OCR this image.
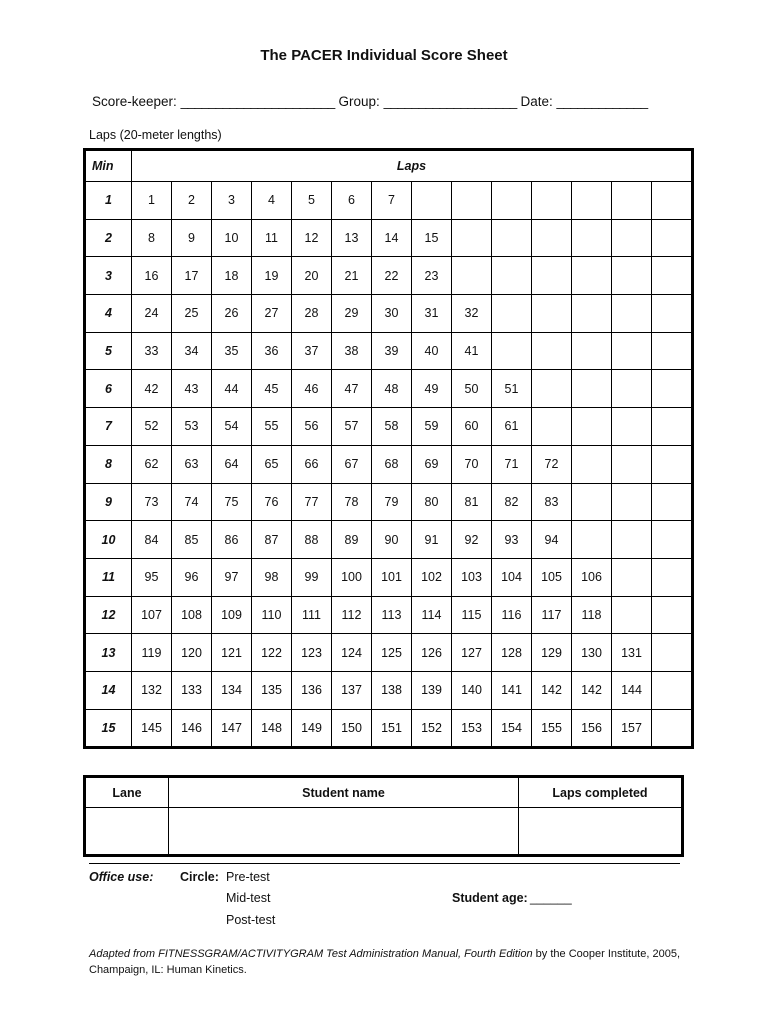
The PACER Individual Score Sheet
Score-keeper: ______________________ Group: ___________________ Date: _____________
Laps (20-meter lengths)
Min	Laps													
1	1	2	3	4	5	6	7							
2	8	9	10	11	12	13	14	15						
3	16	17	18	19	20	21	22	23						
4	24	25	26	27	28	29	30	31	32					
5	33	34	35	36	37	38	39	40	41					
6	42	43	44	45	46	47	48	49	50	51				
7	52	53	54	55	56	57	58	59	60	61				
8	62	63	64	65	66	67	68	69	70	71	72			
9	73	74	75	76	77	78	79	80	81	82	83			
10	84	85	86	87	88	89	90	91	92	93	94			
11	95	96	97	98	99	100	101	102	103	104	105	106		
12	107	108	109	110	111	112	113	114	115	116	117	118		
13	119	120	121	122	123	124	125	126	127	128	129	130	131	
14	132	133	134	135	136	137	138	139	140	141	142	142	144	
15	145	146	147	148	149	150	151	152	153	154	155	156	157	
Lane	Student name	Laps completed

Office use: Circle: Pre-test
Mid-test
Post-test
Student age: ______
Adapted from FITNESSGRAM/ACTIVITYGRAM Test Administration Manual, Fourth Edition by the Cooper Institute, 2005, Champaign, IL: Human Kinetics.
